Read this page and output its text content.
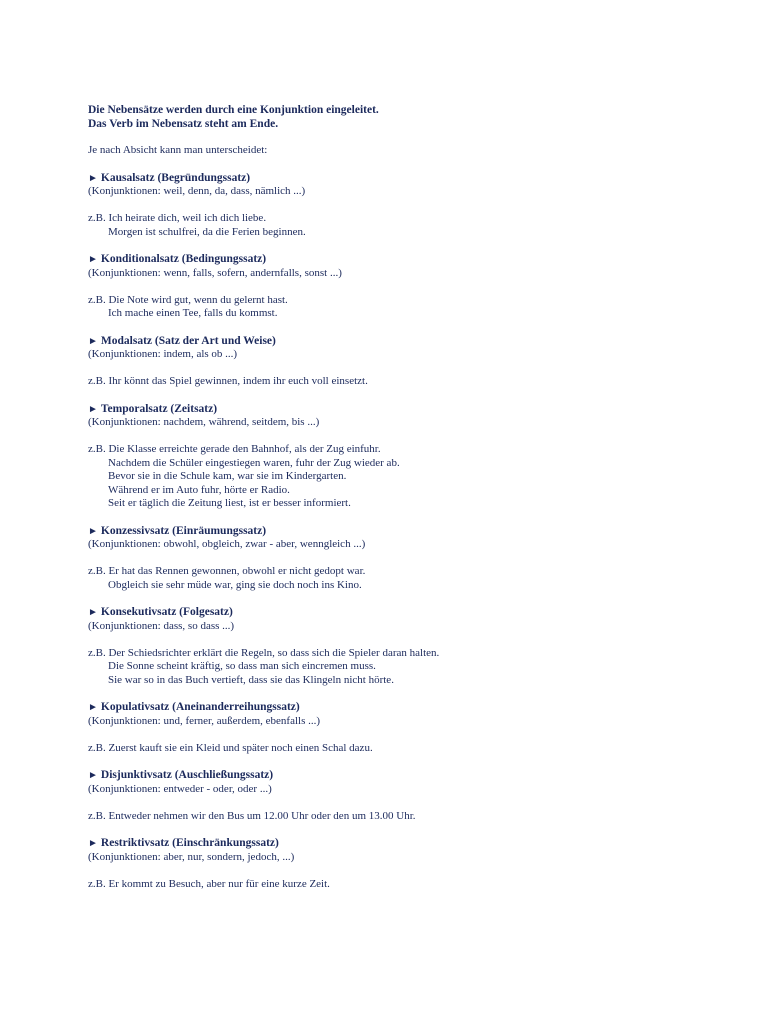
Die Nebensätze werden durch eine Konjunktion eingeleitet.
Das Verb im Nebensatz steht am Ende.
Je nach Absicht kann man unterscheidet:
► Kausalsatz (Begründungssatz)
(Konjunktionen: weil, denn, da, dass, nämlich ...)
z.B. Ich heirate dich, weil ich dich liebe.
Morgen ist schulfrei, da die Ferien beginnen.
► Konditionalsatz (Bedingungssatz)
(Konjunktionen: wenn, falls, sofern, andernfalls, sonst ...)
z.B. Die Note wird gut, wenn du gelernt hast.
Ich mache einen Tee, falls du kommst.
► Modalsatz (Satz der Art und Weise)
(Konjunktionen: indem, als ob ...)
z.B. Ihr könnt das Spiel gewinnen, indem ihr euch voll einsetzt.
► Temporalsatz (Zeitsatz)
(Konjunktionen: nachdem, während, seitdem, bis ...)
z.B. Die Klasse erreichte gerade den Bahnhof, als der Zug einfuhr.
Nachdem die Schüler eingestiegen waren, fuhr der Zug wieder ab.
Bevor sie in die Schule kam, war sie im Kindergarten.
Während er im Auto fuhr, hörte er Radio.
Seit er täglich die Zeitung liest, ist er besser informiert.
► Konzessivsatz (Einräumungssatz)
(Konjunktionen: obwohl, obgleich, zwar - aber, wenngleich ...)
z.B. Er hat das Rennen gewonnen, obwohl er nicht gedopt war.
Obgleich sie sehr müde war, ging sie doch noch ins Kino.
► Konsekutivsatz (Folgesatz)
(Konjunktionen: dass, so dass ...)
z.B. Der Schiedsrichter erklärt die Regeln, so dass sich die Spieler daran halten.
Die Sonne scheint kräftig, so dass man sich eincremen muss.
Sie war so in das Buch vertieft, dass sie das Klingeln nicht hörte.
► Kopulativsatz (Aneinanderreihungssatz)
(Konjunktionen: und, ferner, außerdem, ebenfalls ...)
z.B. Zuerst kauft sie ein Kleid und später noch einen Schal dazu.
► Disjunktivsatz (Auschließungssatz)
(Konjunktionen: entweder - oder, oder ...)
z.B. Entweder nehmen wir den Bus um 12.00 Uhr oder den um 13.00 Uhr.
► Restriktivsatz (Einschränkungssatz)
(Konjunktionen: aber, nur, sondern, jedoch, ...)
z.B. Er kommt zu Besuch, aber nur für eine kurze Zeit.
